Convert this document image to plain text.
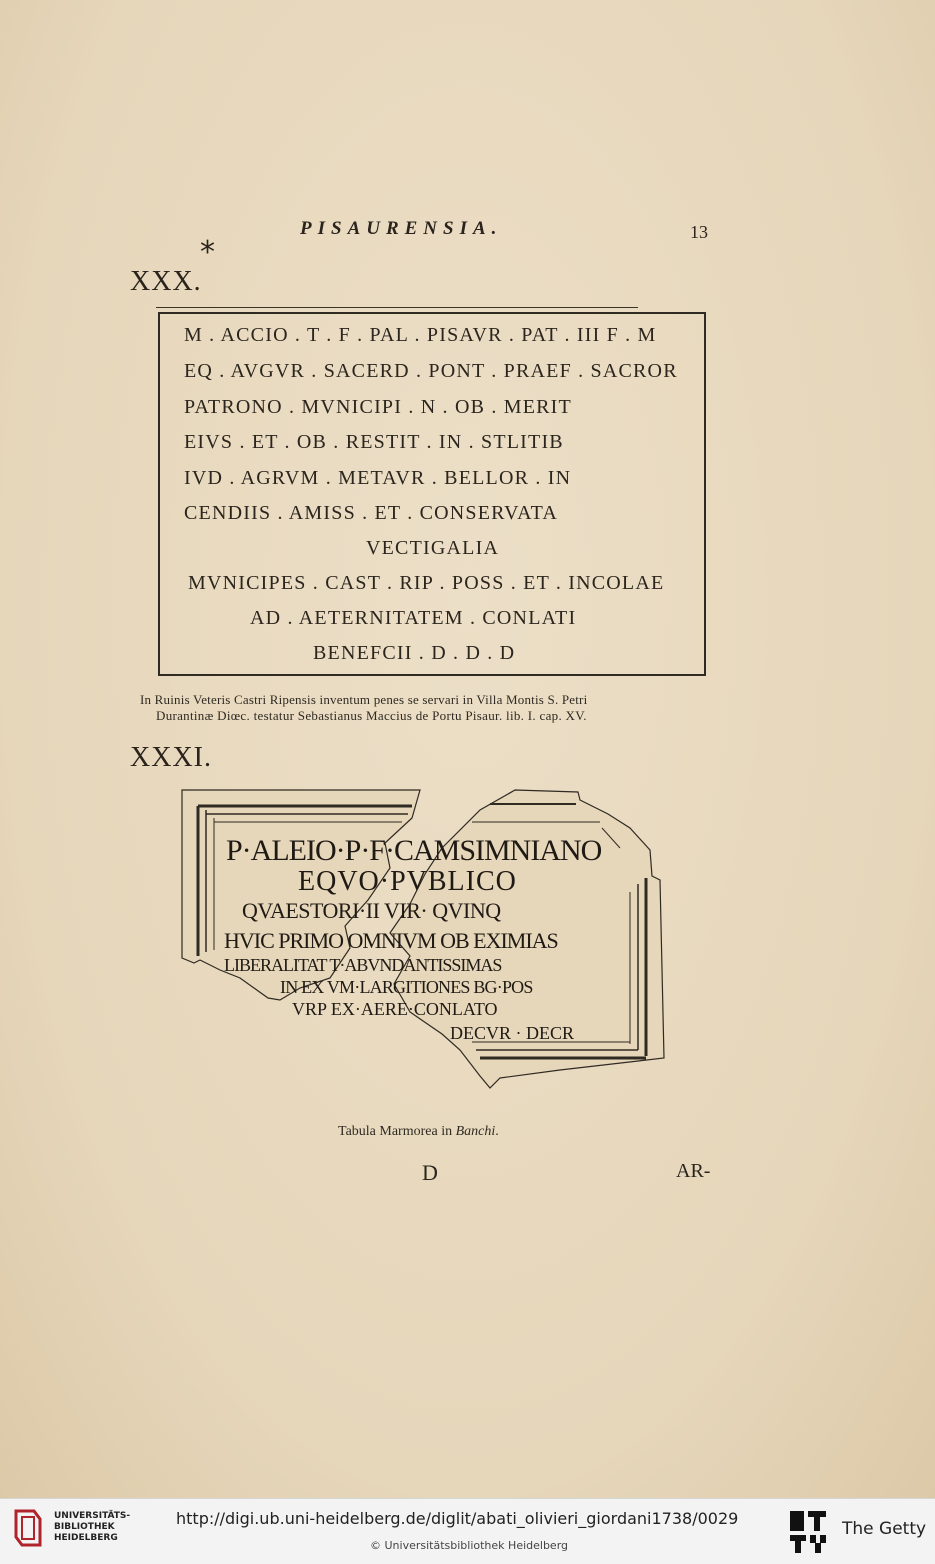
PISAURENSIA.	13
*
XXX.
M . ACCIO . T . F . PAL . PISAVR . PAT . III F . M
EQ . AVGVR . SACERD . PONT . PRAEF . SACROR
PATRONO . MVNICIPI . N . OB . MERIT
EIVS . ET . OB . RESTIT . IN . STLITIB
IVD . AGRVM . METAVR . BELLOR . IN
CENDIIS . AMISS . ET . CONSERVATA
VECTIGALIA
MVNICIPES . CAST . RIP . POSS . ET . INCOLAE
AD . AETERNITATEM . CONLATI
BENEFCII . D . D . D
In Ruinis Veteris Castri Ripensis inventum penes se servari in Villa Montis S. Petri
Durantinæ Diœc. testatur Sebastianus Maccius de Portu Pisaur. lib. I. cap. XV.
XXXI.
P·ALEIO·P·F·CAMSIMNIANO
EQVO·PVBLICO
QVAESTORI·II VIR· QVINQ
HVIC PRIMO OMNIVM OB EXIMIAS
LIBERALITAT T·ABVNDANTISSIMAS
IN EX VM·LARGITIONES BG·POS
VRP EX·AERE·CONLATO
DECVR · DECR
Tabula Marmorea in Banchi.
D	AR-
UNIVERSITÄTS-
BIBLIOTHEK
HEIDELBERG
http://digi.ub.uni-heidelberg.de/diglit/abati_olivieri_giordani1738/0029
© Universitätsbibliothek Heidelberg
The Getty
